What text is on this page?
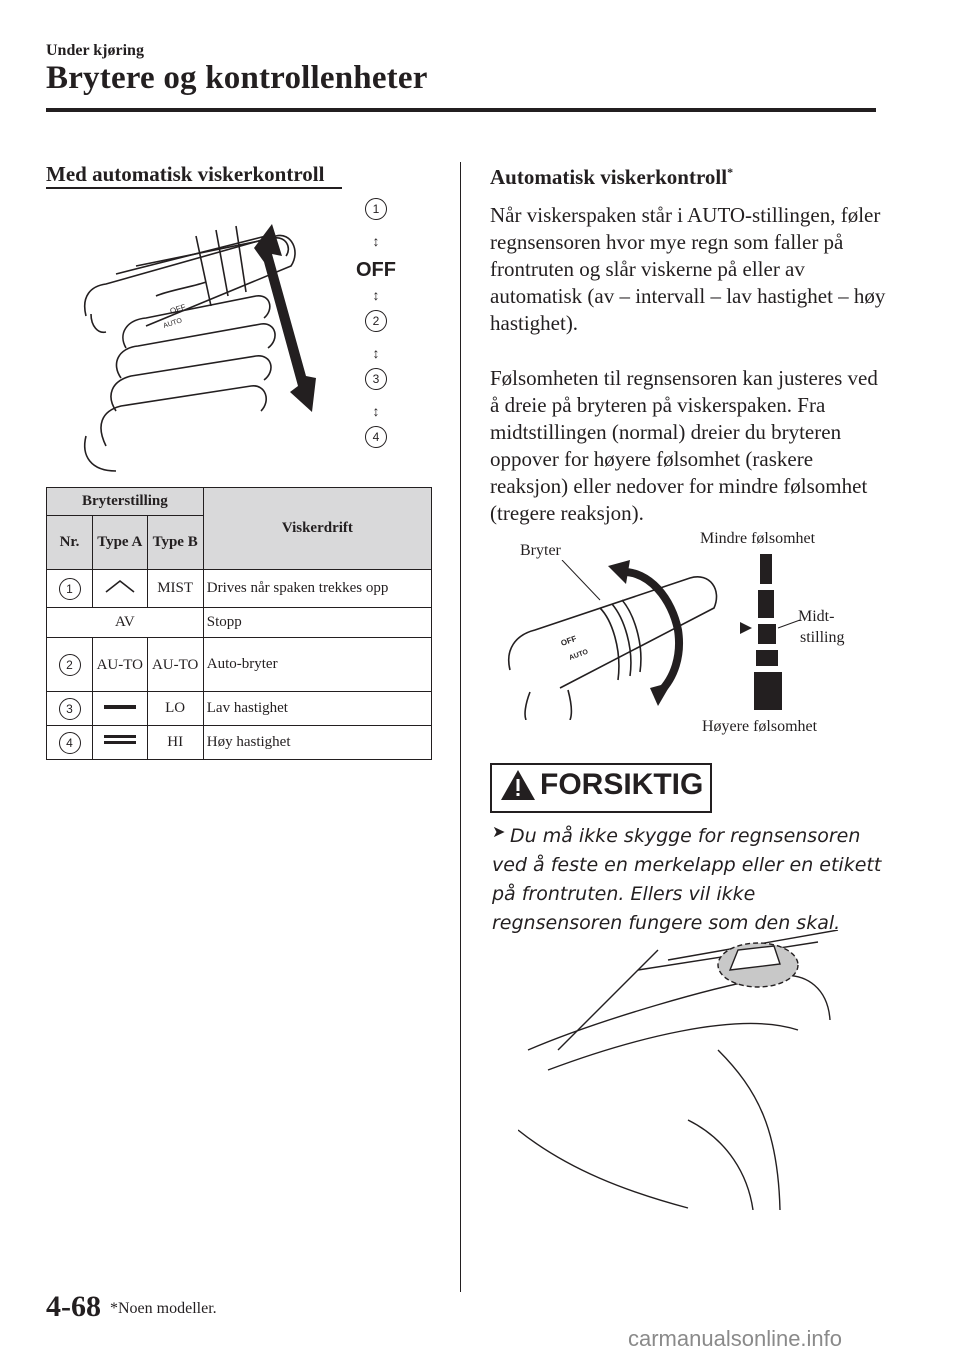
Under kjøring
Brytere og kontrollenheter
Med automatisk viskerkontroll
OFF
AUTO
1
↕
OFF
↕
2
↕
3
↕
4
Bryterstilling			Viskerdrift
Nr.	Type A	Type B	
1		MIST	Drives når spaken trekkes opp
AV			Stopp
2	AU-TO	AU-TO	Auto-bryter
3		LO	Lav hastighet
4		HI	Høy hastighet
Automatisk viskerkontroll*
Når viskerspaken står i AUTO-stillingen, føler regnsensoren hvor mye regn som faller på frontruten og slår viskerne på eller av automatisk (av – intervall – lav hastighet – høy hastighet).
Følsomheten til regnsensoren kan justeres ved å dreie på bryteren på viskerspaken. Fra midtstillingen (normal) dreier du bryteren oppover for høyere følsomhet (raskere reaksjon) eller nedover for mindre følsomhet (tregere reaksjon).
OFF
AUTO
Bryter
Mindre følsomhet
Midt-
stilling
Høyere følsomhet
FORSIKTIG
➤ Du må ikke skygge for regnsensoren ved å feste en merkelapp eller en etikett på frontruten. Ellers vil ikke regnsensoren fungere som den skal.
4-68 *Noen modeller.
carmanualsonline.info
